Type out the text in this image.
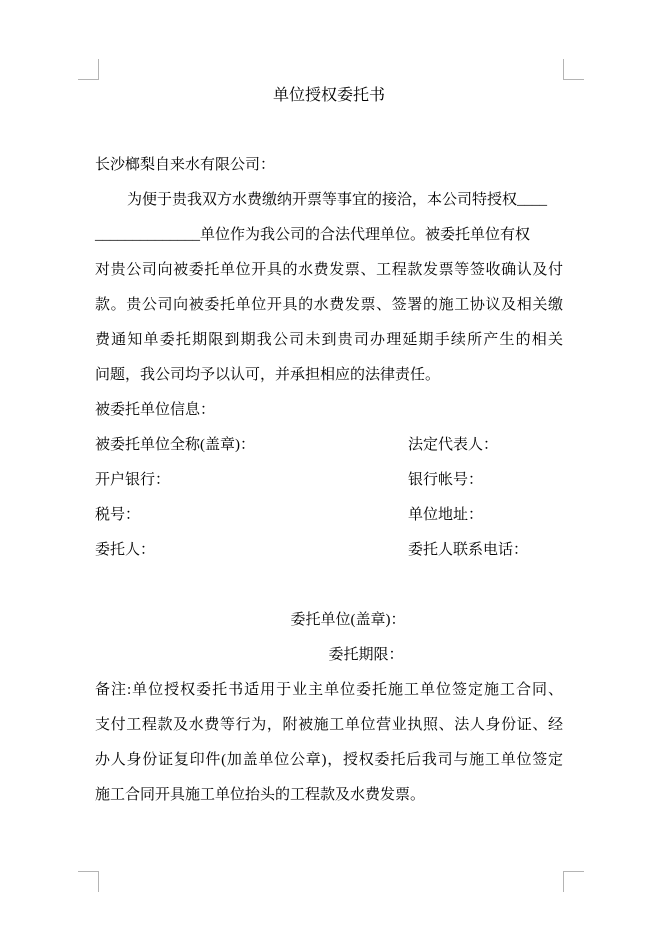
单位授权委托书
长沙榔梨自来水有限公司：
为便于贵我双方水费缴纳开票等事宜的接洽，本公司特授权____
______________单位作为我公司的合法代理单位。被委托单位有权
对贵公司向被委托单位开具的水费发票、工程款发票等签收确认及付
款。贵公司向被委托单位开具的水费发票、签署的施工协议及相关缴
费通知单委托期限到期我公司未到贵司办理延期手续所产生的相关
问题，我公司均予以认可，并承担相应的法律责任。
被委托单位信息：
被委托单位全称(盖章)：	法定代表人：
开户银行：	银行帐号：
税号：	单位地址：
委托人：	委托人联系电话：
委托单位(盖章)：
委托期限：
备注:单位授权委托书适用于业主单位委托施工单位签定施工合同、
支付工程款及水费等行为，附被施工单位营业执照、法人身份证、经
办人身份证复印件(加盖单位公章)，授权委托后我司与施工单位签定
施工合同开具施工单位抬头的工程款及水费发票。
